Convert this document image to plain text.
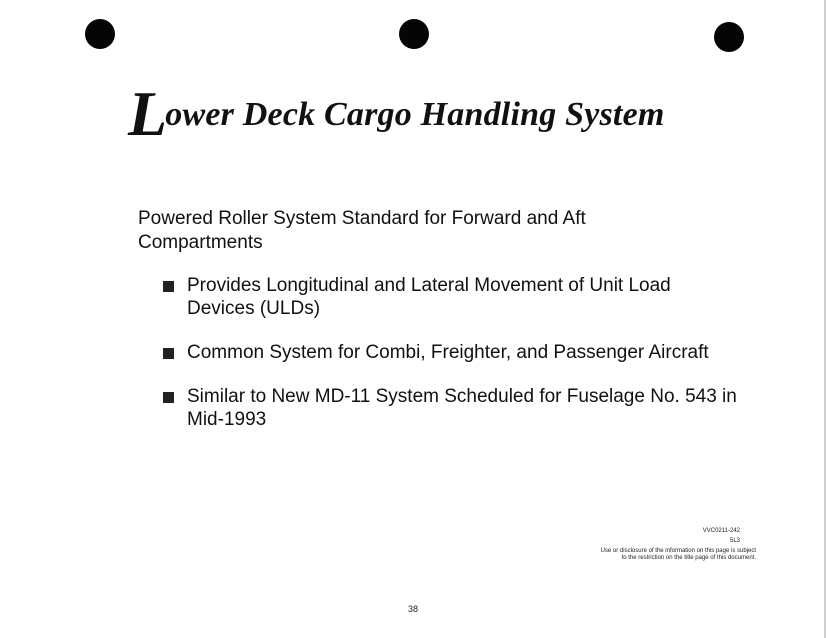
Lower Deck Cargo Handling System
Powered Roller System Standard for Forward and Aft Compartments
Provides Longitudinal and Lateral Movement of Unit Load Devices (ULDs)
Common System for Combi, Freighter, and Passenger Aircraft
Similar to New MD-11 System Scheduled for Fuselage No. 543 in Mid-1993
VVC0211-242
5L3
Use or disclosure of the information on this page is subject
to the restriction on the title page of this document.
38
